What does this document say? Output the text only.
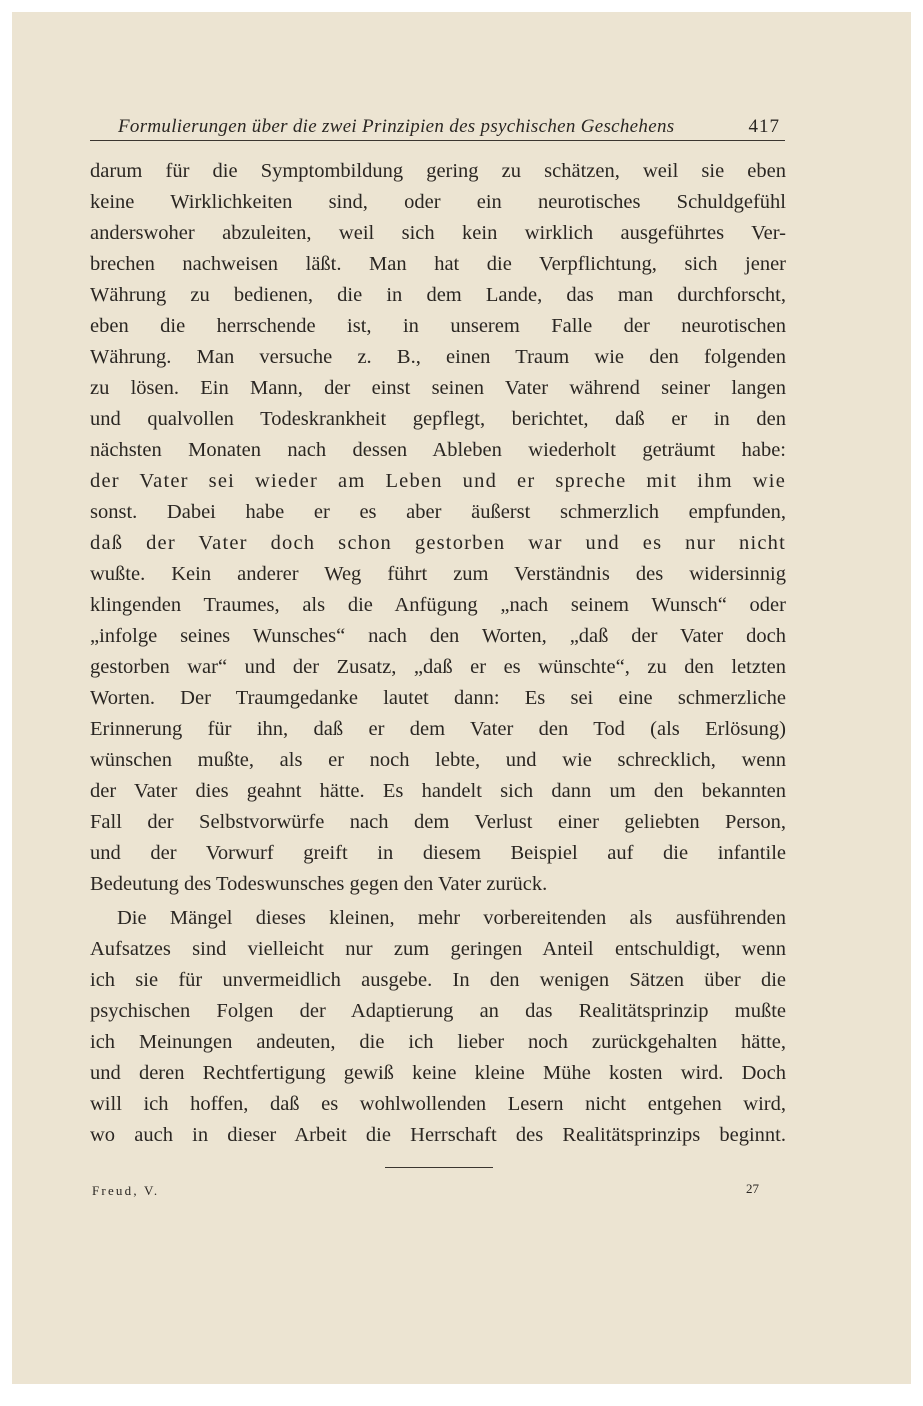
Formulierungen über die zwei Prinzipien des psychischen Geschehens	417
darum für die Symptombildung gering zu schätzen, weil sie eben
keine Wirklichkeiten sind, oder ein neurotisches Schuldgefühl
anderswoher abzuleiten, weil sich kein wirklich ausgeführtes Ver-
brechen nachweisen läßt. Man hat die Verpflichtung, sich jener
Währung zu bedienen, die in dem Lande, das man durchforscht,
eben die herrschende ist, in unserem Falle der neurotischen
Währung. Man versuche z. B., einen Traum wie den folgenden
zu lösen. Ein Mann, der einst seinen Vater während seiner langen
und qualvollen Todeskrankheit gepflegt, berichtet, daß er in den
nächsten Monaten nach dessen Ableben wiederholt geträumt habe:
der Vater sei wieder am Leben und er spreche mit ihm wie
sonst. Dabei habe er es aber äußerst schmerzlich empfunden,
daß der Vater doch schon gestorben war und es nur nicht
wußte. Kein anderer Weg führt zum Verständnis des widersinnig
klingenden Traumes, als die Anfügung „nach seinem Wunsch“ oder
„infolge seines Wunsches“ nach den Worten, „daß der Vater doch
gestorben war“ und der Zusatz, „daß er es wünschte“, zu den letzten
Worten. Der Traumgedanke lautet dann: Es sei eine schmerzliche
Erinnerung für ihn, daß er dem Vater den Tod (als Erlösung)
wünschen mußte, als er noch lebte, und wie schrecklich, wenn
der Vater dies geahnt hätte. Es handelt sich dann um den bekannten
Fall der Selbstvorwürfe nach dem Verlust einer geliebten Person,
und der Vorwurf greift in diesem Beispiel auf die infantile
Bedeutung des Todeswunsches gegen den Vater zurück.
Die Mängel dieses kleinen, mehr vorbereitenden als ausführenden
Aufsatzes sind vielleicht nur zum geringen Anteil entschuldigt, wenn
ich sie für unvermeidlich ausgebe. In den wenigen Sätzen über die
psychischen Folgen der Adaptierung an das Realitätsprinzip mußte
ich Meinungen andeuten, die ich lieber noch zurückgehalten hätte,
und deren Rechtfertigung gewiß keine kleine Mühe kosten wird. Doch
will ich hoffen, daß es wohlwollenden Lesern nicht entgehen wird,
wo auch in dieser Arbeit die Herrschaft des Realitätsprinzips beginnt.
Freud, V.	27
